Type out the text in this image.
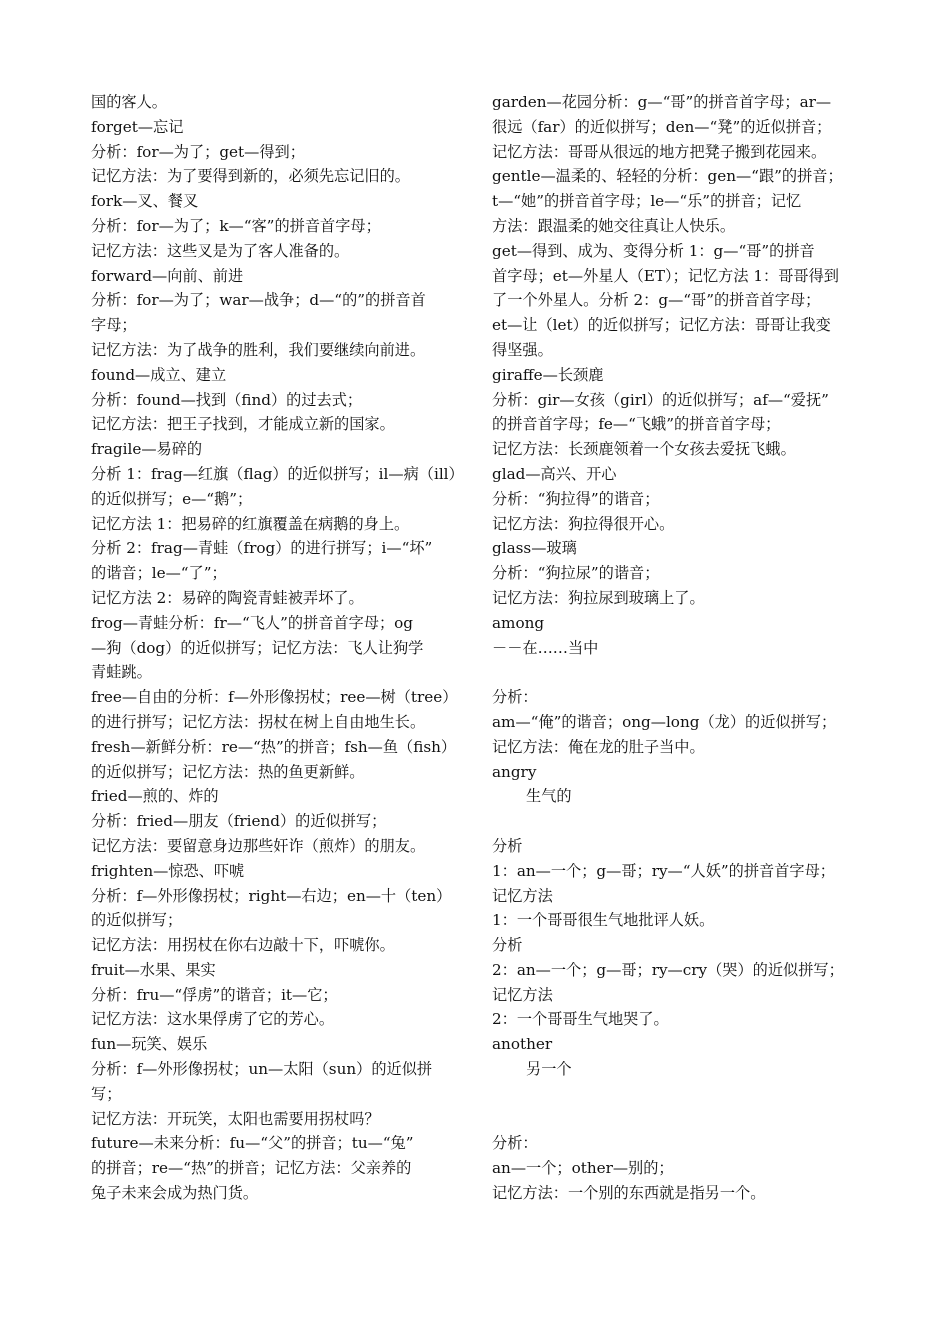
国的客人。
forget—忘记
分析：for—为了；get—得到；
记忆方法：为了要得到新的，必须先忘记旧的。
fork—叉、餐叉
分析：for—为了；k—“客”的拼音首字母；
记忆方法：这些叉是为了客人准备的。
forward—向前、前进
分析：for—为了；war—战争；d—“的”的拼音首
字母；
记忆方法：为了战争的胜利，我们要继续向前进。
found—成立、建立
分析：found—找到（find）的过去式；
记忆方法：把王子找到，才能成立新的国家。
fragile—易碎的
分析 1：frag—红旗（flag）的近似拼写；il—病（ill）
的近似拼写；e—“鹅”；
记忆方法 1：把易碎的红旗覆盖在病鹅的身上。
分析 2：frag—青蛙（frog）的进行拼写；i—“坏”
的谐音；le—“了”；
记忆方法 2：易碎的陶瓷青蛙被弄坏了。
frog—青蛙分析：fr—“飞人”的拼音首字母；og
—狗（dog）的近似拼写；记忆方法：飞人让狗学
青蛙跳。
free—自由的分析：f—外形像拐杖；ree—树（tree）
的进行拼写；记忆方法：拐杖在树上自由地生长。
fresh—新鲜分析：re—“热”的拼音；fsh—鱼（fish）
的近似拼写；记忆方法：热的鱼更新鲜。
fried—煎的、炸的
分析：fried—朋友（friend）的近似拼写；
记忆方法：要留意身边那些奸诈（煎炸）的朋友。
frighten—惊恐、吓唬
分析：f—外形像拐杖；right—右边；en—十（ten）
的近似拼写；
记忆方法：用拐杖在你右边敲十下，吓唬你。
fruit—水果、果实
分析：fru—“俘虏”的谐音；it—它；
记忆方法：这水果俘虏了它的芳心。
fun—玩笑、娱乐
分析：f—外形像拐杖；un—太阳（sun）的近似拼
写；
记忆方法：开玩笑，太阳也需要用拐杖吗？
future—未来分析：fu—“父”的拼音；tu—“兔”
的拼音；re—“热”的拼音；记忆方法：父亲养的
兔子未来会成为热门货。
garden—花园分析：g—“哥”的拼音首字母；ar—
很远（far）的近似拼写；den—“凳”的近似拼音；
记忆方法：哥哥从很远的地方把凳子搬到花园来。
gentle—温柔的、轻轻的分析：gen—“跟”的拼音；
t—“她”的拼音首字母；le—“乐”的拼音；记忆
方法：跟温柔的她交往真让人快乐。
get—得到、成为、变得分析 1：g—“哥”的拼音
首字母；et—外星人（ET）；记忆方法 1：哥哥得到
了一个外星人。分析 2：g—“哥”的拼音首字母；
et—让（let）的近似拼写；记忆方法：哥哥让我变
得坚强。
giraffe—长颈鹿
分析：gir—女孩（girl）的近似拼写；af—“爱抚”
的拼音首字母；fe—“飞蛾”的拼音首字母；
记忆方法：长颈鹿领着一个女孩去爱抚飞蛾。
glad—高兴、开心
分析：“狗拉得”的谐音；
记忆方法：狗拉得很开心。
glass—玻璃
分析：“狗拉尿”的谐音；
记忆方法：狗拉尿到玻璃上了。
among
－－在……当中
分析：
am—“俺”的谐音；ong—long（龙）的近似拼写；
记忆方法：俺在龙的肚子当中。
angry
生气的
分析
1：an—一个；g—哥；ry—“人妖”的拼音首字母；
记忆方法
1：一个哥哥很生气地批评人妖。
分析
2：an—一个；g—哥；ry—cry（哭）的近似拼写；
记忆方法
2：一个哥哥生气地哭了。
another
另一个
分析：
an—一个；other—别的；
记忆方法：一个别的东西就是指另一个。
